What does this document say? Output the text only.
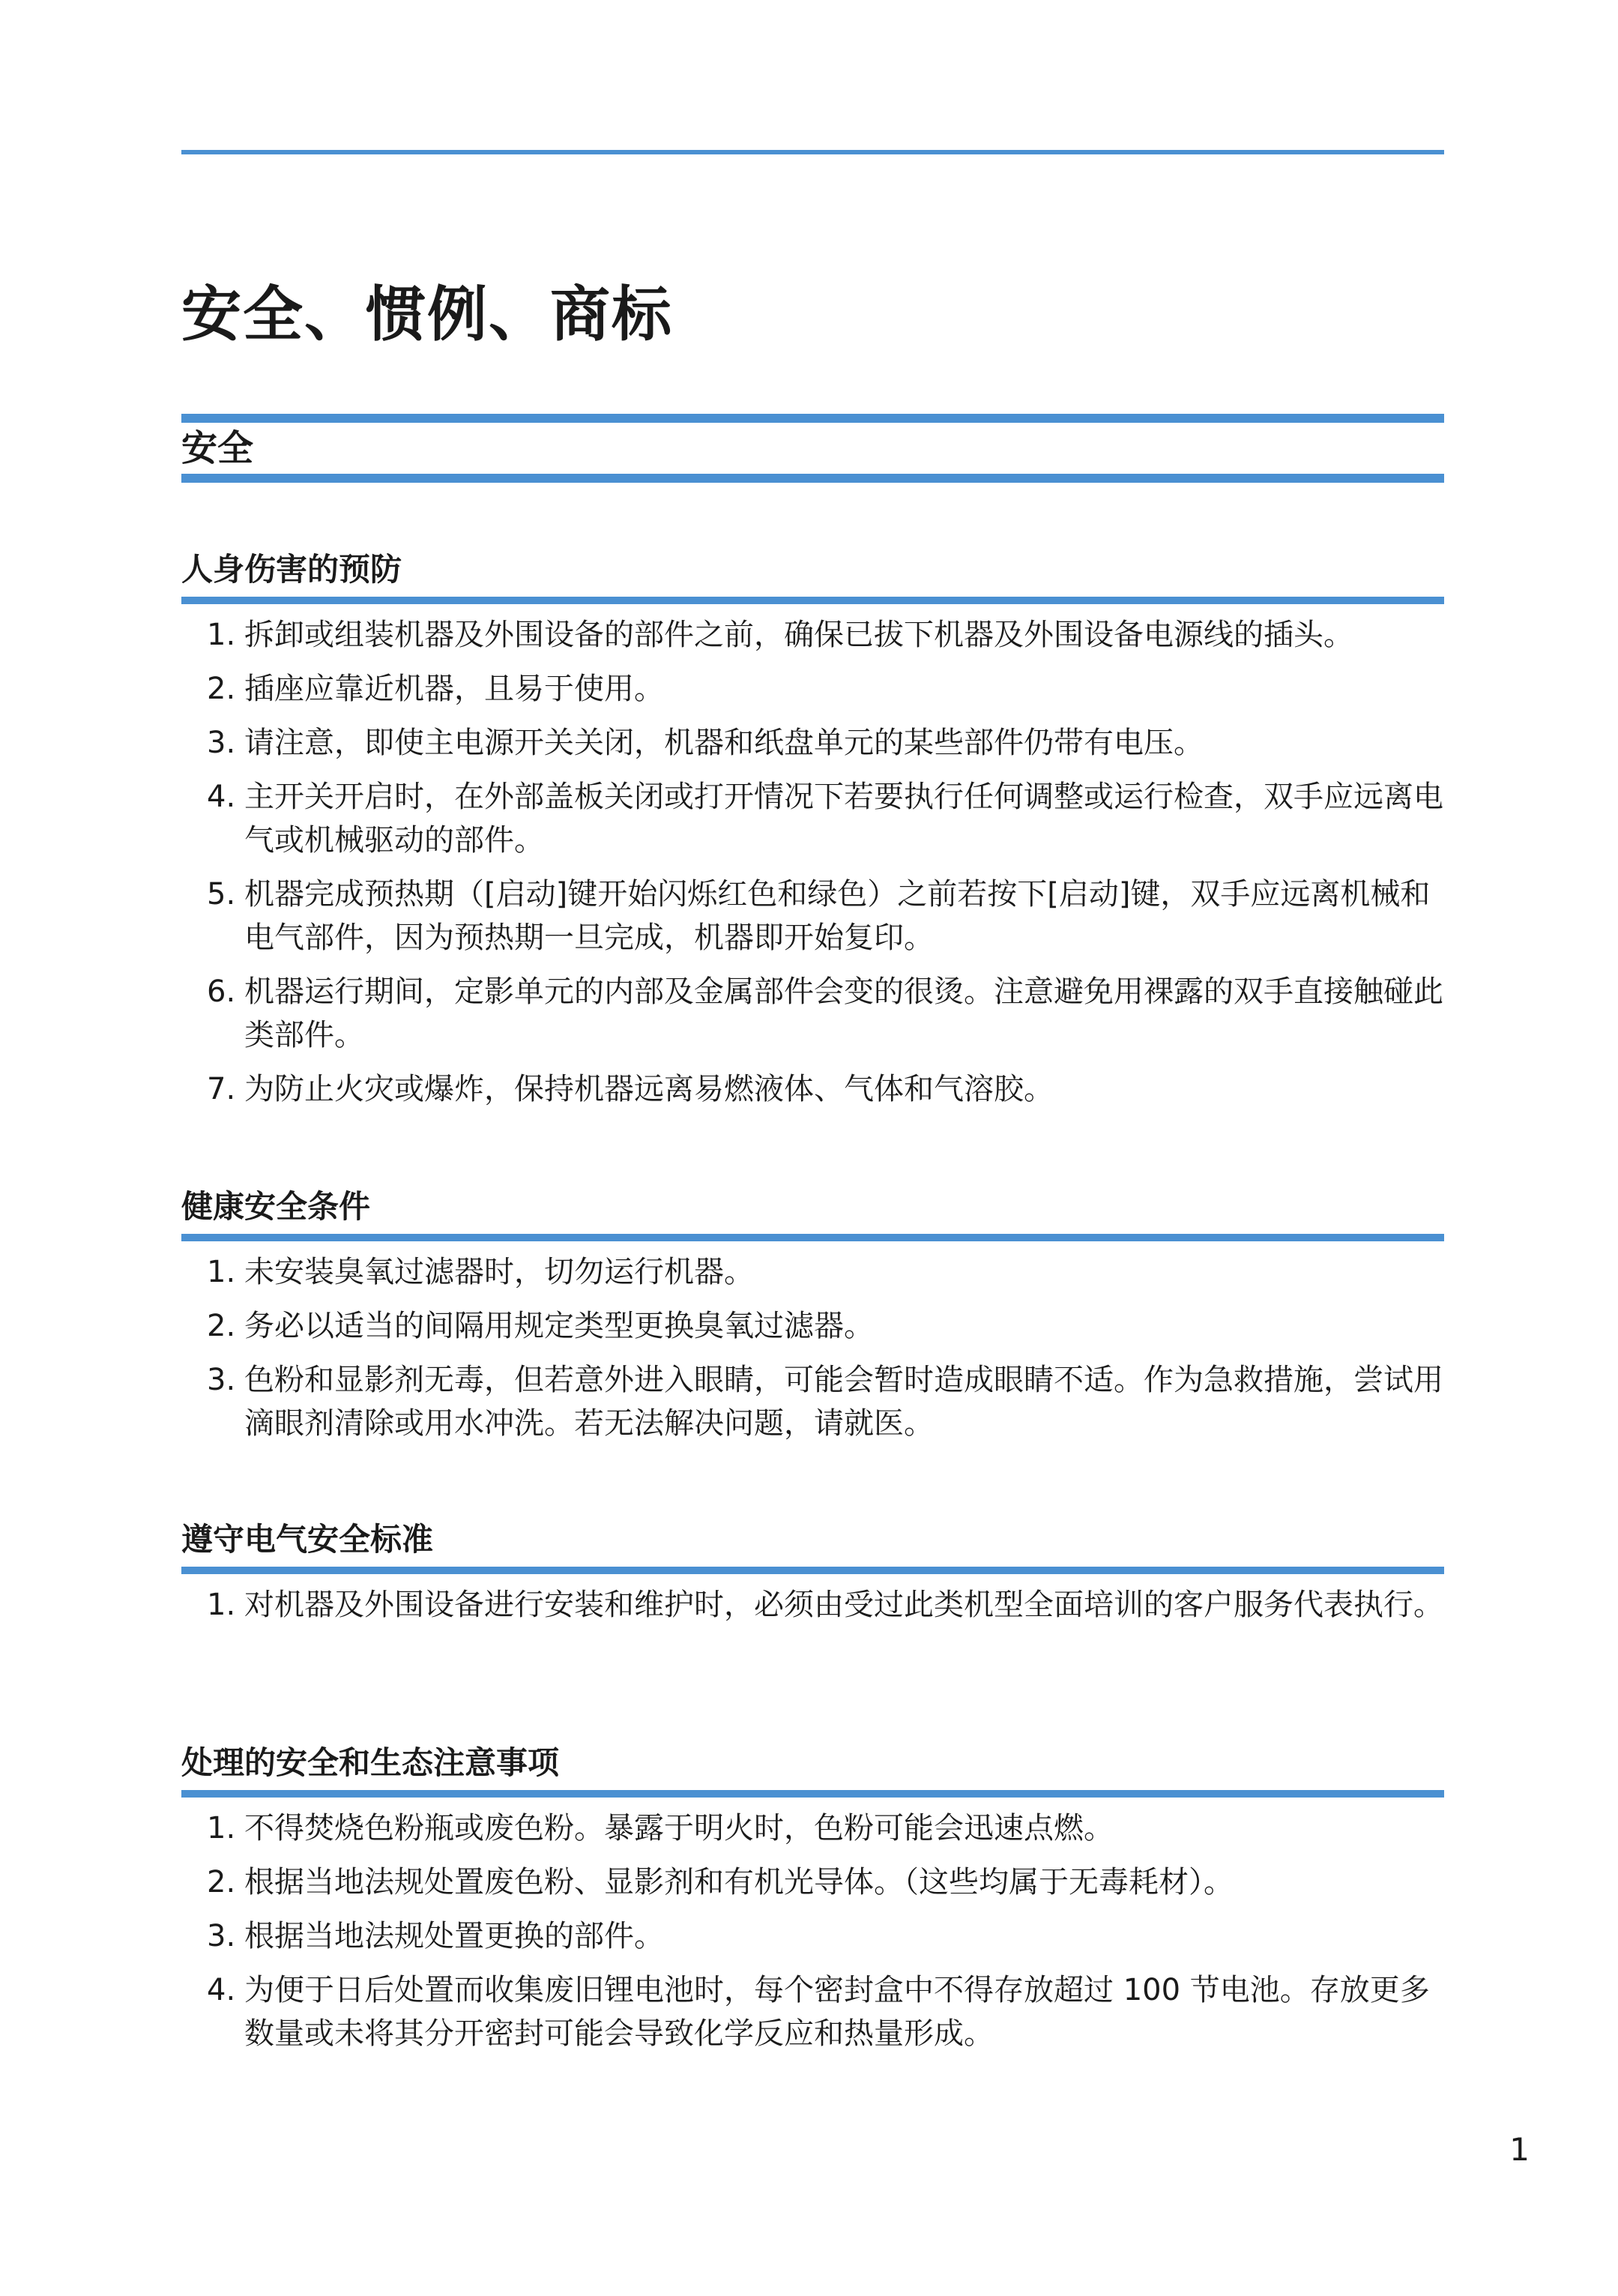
安全、惯例、商标
安全
人身伤害的预防
1. 拆卸或组装机器及外围设备的部件之前，确保已拔下机器及外围设备电源线的插头。
2. 插座应靠近机器，且易于使用。
3. 请注意，即使主电源开关关闭，机器和纸盘单元的某些部件仍带有电压。
4. 主开关开启时，在外部盖板关闭或打开情况下若要执行任何调整或运行检查，双手应远离电气或机械驱动的部件。
5. 机器完成预热期（[启动]键开始闪烁红色和绿色）之前若按下[启动]键，双手应远离机械和电气部件，因为预热期一旦完成，机器即开始复印。
6. 机器运行期间，定影单元的内部及金属部件会变的很烫。注意避免用裸露的双手直接触碰此类部件。
7. 为防止火灾或爆炸，保持机器远离易燃液体、气体和气溶胶。
健康安全条件
1. 未安装臭氧过滤器时，切勿运行机器。
2. 务必以适当的间隔用规定类型更换臭氧过滤器。
3. 色粉和显影剂无毒，但若意外进入眼睛，可能会暂时造成眼睛不适。作为急救措施，尝试用滴眼剂清除或用水冲洗。若无法解决问题，请就医。
遵守电气安全标准
1. 对机器及外围设备进行安装和维护时，必须由受过此类机型全面培训的客户服务代表执行。
处理的安全和生态注意事项
1. 不得焚烧色粉瓶或废色粉。暴露于明火时，色粉可能会迅速点燃。
2. 根据当地法规处置废色粉、显影剂和有机光导体。（这些均属于无毒耗材）。
3. 根据当地法规处置更换的部件。
4. 为便于日后处置而收集废旧锂电池时，每个密封盒中不得存放超过 100 节电池。存放更多数量或未将其分开密封可能会导致化学反应和热量形成。
1
